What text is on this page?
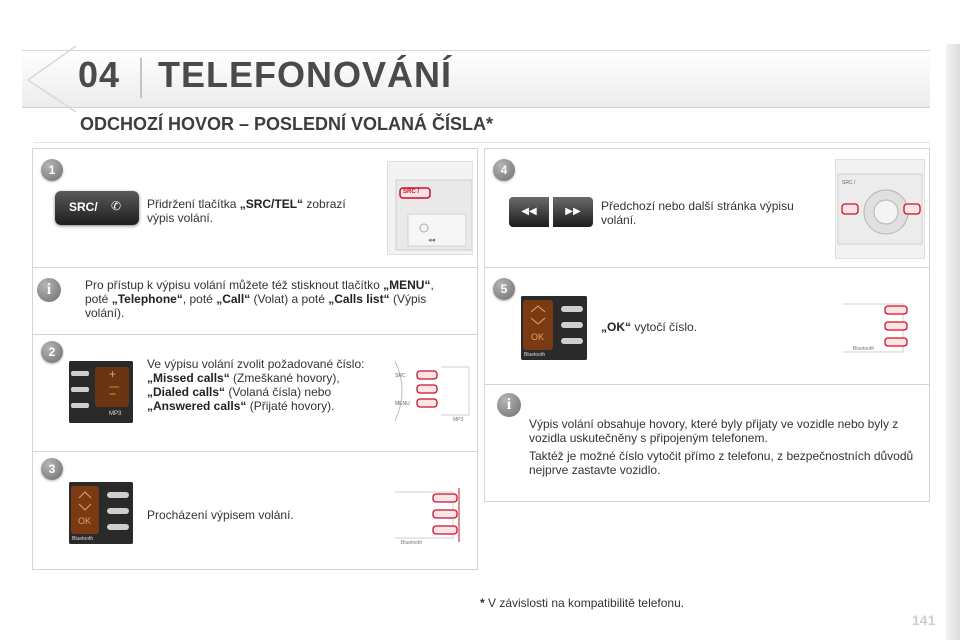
04 TELEFONOVÁNÍ
ODCHOZÍ HOVOR – POSLEDNÍ VOLANÁ ČÍSLA*
1
SRC/ ✆ Přidržení tlačítka „SRC/TEL“ zobrazí výpis volání.
◂◂
SRC /
i	Pro přístup k výpisu volání můžete též stisknout tlačítko „MENU“, poté „Telephone“, poté „Call“ (Volat) a poté „Calls list“ (Výpis volání).
2
+
−
MP3
Ve výpisu volání zvolit požadované číslo: „Missed calls“ (Zmeškané hovory), „Dialed calls“ (Volaná čísla) nebo „Answered calls“ (Přijaté hovory).
SRC
MENU
MP3
3
OK
Bluetooth
Procházení výpisem volání.
Bluetooth
4
◀◀	▶▶	Předchozí nebo další stránka výpisu volání.
SRC /
5
OK
Bluetooth
„OK“ vytočí číslo.
Bluetooth
i
Výpis volání obsahuje hovory, které byly přijaty ve vozidle nebo byly z vozidla uskutečněny s připojeným telefonem.
Taktéž je možné číslo vytočit přímo z telefonu, z bezpečnostních důvodů nejprve zastavte vozidlo.
* V závislosti na kompatibilitě telefonu.
141
